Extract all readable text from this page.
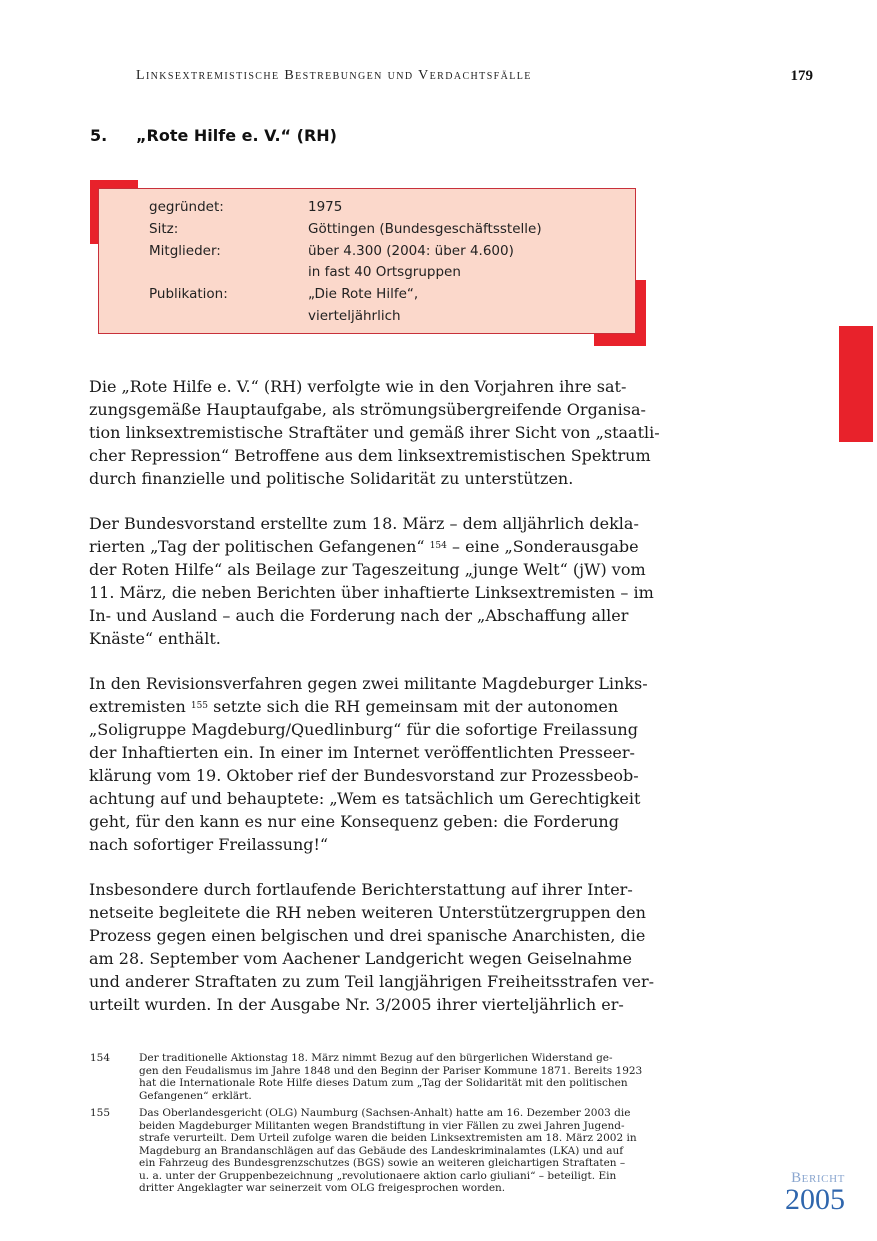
Linksextremistische Bestrebungen und Verdachtsfälle	179
5.	„Rote Hilfe e. V.“ (RH)
gegründet:	1975
Sitz:	Göttingen (Bundesgeschäftsstelle)
Mitglieder:	über 4.300 (2004: über 4.600)
in fast 40 Ortsgruppen
Publikation:	„Die Rote Hilfe“,
vierteljährlich

Die „Rote Hilfe e. V.“ (RH) verfolgte wie in den Vorjahren ihre sat-
zungsgemäße Hauptaufgabe, als strömungsübergreifende Organisa-
tion linksextremistische Straftäter und gemäß ihrer Sicht von „staatli-
cher Repression“ Betroffene aus dem linksextremistischen Spektrum
durch finanzielle und politische Solidarität zu unterstützen.

Der Bundesvorstand erstellte zum 18. März – dem alljährlich dekla-
rierten „Tag der politischen Gefangenen“ $^{154}$ – eine „Sonderausgabe
der Roten Hilfe“ als Beilage zur Tageszeitung „junge Welt“ (jW) vom
11. März, die neben Berichten über inhaftierte Linksextremisten – im
In- und Ausland – auch die Forderung nach der „Abschaffung aller
Knäste“ enthält.

In den Revisionsverfahren gegen zwei militante Magdeburger Links-
extremisten $^{155}$ setzte sich die RH gemeinsam mit der autonomen
„Soligruppe Magdeburg/Quedlinburg“ für die sofortige Freilassung
der Inhaftierten ein. In einer im Internet veröffentlichten Presseer-
klärung vom 19. Oktober rief der Bundesvorstand zur Prozessbeob-
achtung auf und behauptete: „Wem es tatsächlich um Gerechtigkeit
geht, für den kann es nur eine Konsequenz geben: die Forderung
nach sofortiger Freilassung!“

Insbesondere durch fortlaufende Berichterstattung auf ihrer Inter-
netseite begleitete die RH neben weiteren Unterstützergruppen den
Prozess gegen einen belgischen und drei spanische Anarchisten, die
am 28. September vom Aachener Landgericht wegen Geiselnahme
und anderer Straftaten zu zum Teil langjährigen Freiheitsstrafen ver-
urteilt wurden. In der Ausgabe Nr. 3/2005 ihrer vierteljährlich er-

154	Der traditionelle Aktionstag 18. März nimmt Bezug auf den bürgerlichen Widerstand ge-
gen den Feudalismus im Jahre 1848 und den Beginn der Pariser Kommune 1871. Bereits 1923
hat die Internationale Rote Hilfe dieses Datum zum „Tag der Solidarität mit den politischen
Gefangenen“ erklärt.
155	Das Oberlandesgericht (OLG) Naumburg (Sachsen-Anhalt) hatte am 16. Dezember 2003 die
beiden Magdeburger Militanten wegen Brandstiftung in vier Fällen zu zwei Jahren Jugend-
strafe verurteilt. Dem Urteil zufolge waren die beiden Linksextremisten am 18. März 2002 in
Magdeburg an Brandanschlägen auf das Gebäude des Landeskriminalamtes (LKA) und auf
ein Fahrzeug des Bundesgrenzschutzes (BGS) sowie an weiteren gleichartigen Straftaten –
u. a. unter der Gruppenbezeichnung „revolutionaere aktion carlo giuliani“ – beteiligt. Ein
dritter Angeklagter war seinerzeit vom OLG freigesprochen worden.
Bericht
2005
